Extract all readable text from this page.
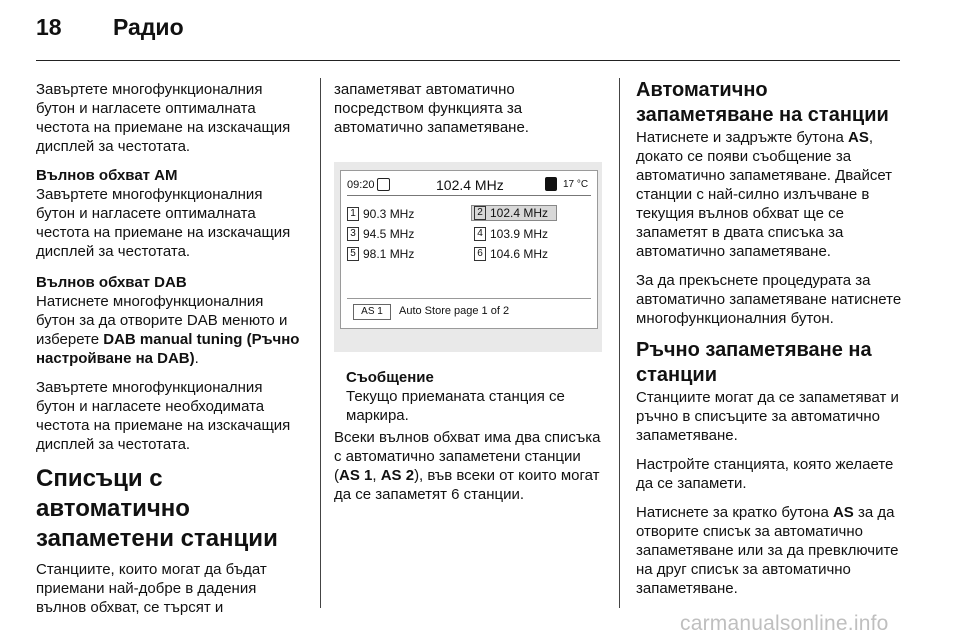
18 Радио

Завъртете многофункционалния бутон и нагласете оптималната честота на приемане на изскачащия дисплей за честотата.

Вълнов обхват AM

Завъртете многофункционалния бутон и нагласете оптималната честота на приемане на изскачащия дисплей за честотата.

Вълнов обхват DAB

Натиснете многофункционалния бутон за да отворите DAB менюто и изберете DAB manual tuning (Ръчно настройване на DAB).

Завъртете многофункционалния бутон и нагласете необходимата честота на приемане на изскачащия дисплей за честотата.

Списъци с автоматично запаметени станции

Станциите, които могат да бъдат приемани най-добре в дадения вълнов обхват, се търсят и

запаметяват автоматично посредством функцията за автоматично запаметяване.

09:20	102.4 MHz	17 °C
1 90.3 MHz	2 102.4 MHz
3 94.5 MHz	4 103.9 MHz
5 98.1 MHz	6 104.6 MHz
AS 1	Auto Store page 1 of 2
Съобщение
Текущо приеманата станция се маркира.

Всеки вълнов обхват има два списъка с автоматично запаметени станции (AS 1, AS 2), във всеки от които могат да се запаметят 6 станции.

Автоматично запаметяване на станции

Натиснете и задръжте бутона AS, докато се появи съобщение за автоматично запаметяване. Двайсет станции с най-силно излъчване в текущия вълнов обхват ще се запаметят в двата списъка за автоматично запаметяване.

За да прекъснете процедурата за автоматично запаметяване натиснете многофункционалния бутон.

Ръчно запаметяване на станции

Станциите могат да се запаметяват и ръчно в списъците за автоматично запаметяване.

Настройте станцията, която желаете да се запамети.

Натиснете за кратко бутона AS за да отворите списък за автоматично запаметяване или за да превключите на друг списък за автоматично запаметяване.

carmanualsonline.info
